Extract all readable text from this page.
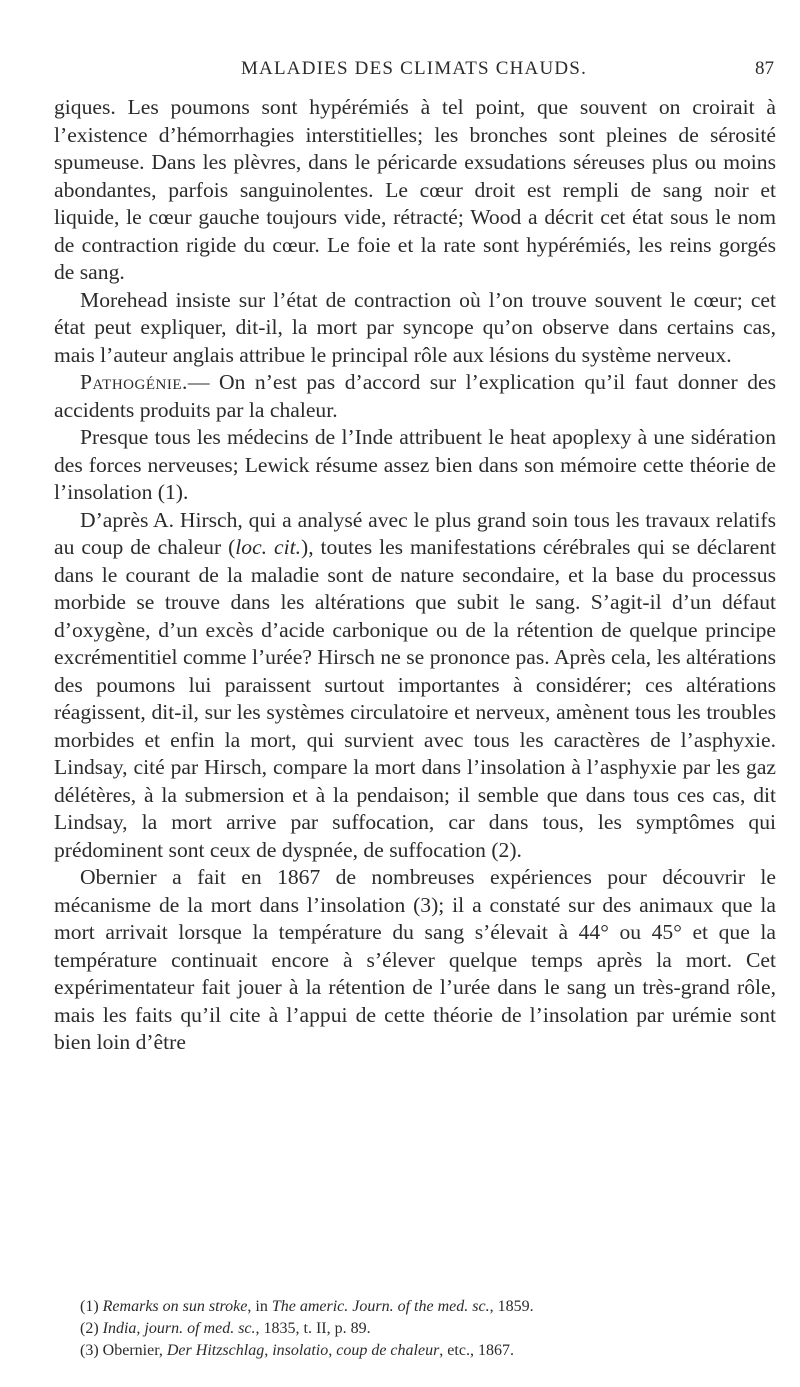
MALADIES DES CLIMATS CHAUDS.	87

giques. Les poumons sont hypérémiés à tel point, que souvent on croirait à l’existence d’hémorrhagies interstitielles; les bronches sont pleines de sérosité spumeuse. Dans les plèvres, dans le péricarde exsudations séreuses plus ou moins abondantes, parfois sanguinolentes. Le cœur droit est rempli de sang noir et liquide, le cœur gauche toujours vide, rétracté; Wood a décrit cet état sous le nom de contraction rigide du cœur. Le foie et la rate sont hypérémiés, les reins gorgés de sang.

Morehead insiste sur l’état de contraction où l’on trouve souvent le cœur; cet état peut expliquer, dit-il, la mort par syncope qu’on observe dans certains cas, mais l’auteur anglais attribue le principal rôle aux lésions du système nerveux.

Pathogénie.— On n’est pas d’accord sur l’explication qu’il faut donner des accidents produits par la chaleur.

Presque tous les médecins de l’Inde attribuent le heat apoplexy à une sidération des forces nerveuses; Lewick résume assez bien dans son mémoire cette théorie de l’insolation (1).

D’après A. Hirsch, qui a analysé avec le plus grand soin tous les travaux relatifs au coup de chaleur (loc. cit.), toutes les manifestations cérébrales qui se déclarent dans le courant de la maladie sont de nature secondaire, et la base du processus morbide se trouve dans les altérations que subit le sang. S’agit-il d’un défaut d’oxygène, d’un excès d’acide carbonique ou de la rétention de quelque principe excrémentitiel comme l’urée? Hirsch ne se prononce pas. Après cela, les altérations des poumons lui paraissent surtout importantes à considérer; ces altérations réagissent, dit-il, sur les systèmes circulatoire et nerveux, amènent tous les troubles morbides et enfin la mort, qui survient avec tous les caractères de l’asphyxie. Lindsay, cité par Hirsch, compare la mort dans l’insolation à l’asphyxie par les gaz délétères, à la submersion et à la pendaison; il semble que dans tous ces cas, dit Lindsay, la mort arrive par suffocation, car dans tous, les symptômes qui prédominent sont ceux de dyspnée, de suffocation (2).

Obernier a fait en 1867 de nombreuses expériences pour découvrir le mécanisme de la mort dans l’insolation (3); il a constaté sur des animaux que la mort arrivait lorsque la température du sang s’élevait à 44° ou 45° et que la température continuait encore à s’élever quelque temps après la mort. Cet expérimentateur fait jouer à la rétention de l’urée dans le sang un très-grand rôle, mais les faits qu’il cite à l’appui de cette théorie de l’insolation par urémie sont bien loin d’être

(1) Remarks on sun stroke, in The americ. Journ. of the med. sc., 1859.

(2) India, journ. of med. sc., 1835, t. II, p. 89.

(3) Obernier, Der Hitzschlag, insolatio, coup de chaleur, etc., 1867.
